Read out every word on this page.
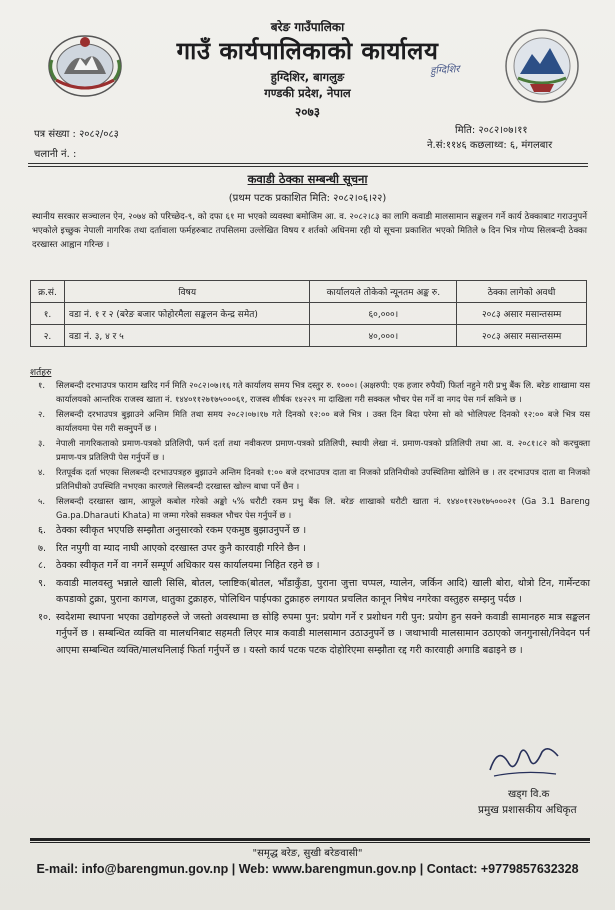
बरेङ गाउँपालिका
गाउँ कार्यपालिकाको कार्यालय
हुग्दिशिर, बागलुङ
गण्डकी प्रदेश, नेपाल
२०७३
हुग्दिशिर
पत्र संख्या : २०८२/०८३
चलानी नं. :
मिति: २०८२।०७।११
ने.सं:११४६ कछलाथ्व: ६, मंगलबार
कवाडी ठेक्का सम्बन्धी सूचना
(प्रथम पटक प्रकाशित मिति: २०८२।०६।२२)
स्थानीय सरकार सञ्चालन ऐन, २०७४ को परिच्छेद-९, को दफा ६१ मा भएको व्यवस्था बमोजिम आ. व. २०८२।८३ का लागि कवाडी मालसामान सङ्कलन गर्ने कार्य ठेक्काबाट गराउनुपर्ने भएकोले इच्छुक नेपाली नागरिक तथा दर्तावाला फर्महरुबाट तपसिलमा उल्लेखित विषय र शर्तको अधिनमा रही यो सूचना प्रकाशित भएको मितिले ७ दिन भित्र गोप्य सिलबन्दी ठेक्का दरखास्त आह्वान गरिन्छ ।
क्र.सं.	विषय	कार्यालयले तोकेको न्यूनतम अङ्क रु.	ठेक्का लागेको अवधी
१.	वडा नं. १ र २ (बरेङ बजार फोहोरमैला सङ्कलन केन्द्र समेत)	६०,०००।	२०८३ असार मसान्तसम्म
२.	वडा नं. ३, ४ र ५	४०,०००।	२०८३ असार मसान्तसम्म
शर्तहरु
१. सिलबन्दी दरभाउपत्र फाराम खरिद गर्न मिति २०८२।०७।१६ गते कार्यालय समय भित्र दस्तुर रु. १०००। (अक्षरुपी: एक हजार रुपैयाँ) फिर्ता नहुने गरी प्रभु बैंक लि. बरेङ शाखामा यस कार्यालयको आन्तरिक राजस्व खाता नं. १४४०११२७१७५०००६१, राजस्व शीर्षक १४२२९ मा दाखिला गरी सक्कल भौचर पेस गर्ने वा नगद पेस गर्न सकिने छ ।
२. सिलबन्दी दरभाउपत्र बुझाउने अन्तिम मिति तथा समय २०८२।०७।१७ गते दिनको १२:०० बजे भित्र । उक्त दिन बिदा परेमा सो को भोलिपल्ट दिनको १२:०० बजे भित्र यस कार्यालयमा पेस गरी सक्नुपर्ने छ ।
३. नेपाली नागरिकताको प्रमाण-पत्रको प्रतिलिपी, फर्म दर्ता तथा नवीकरण प्रमाण-पत्रको प्रतिलिपी, स्थायी लेखा नं. प्रमाण-पत्रको प्रतिलिपी तथा आ. व. २०८१।८२ को करचुक्ता प्रमाण-पत्र प्रतिलिपी पेस गर्नुपर्ने छ ।
४. रितपूर्वक दर्ता भएका सिलबन्दी दरभाउपत्रहरु बुझाउने अन्तिम दिनको १:०० बजे दरभाउपत्र दाता वा निजको प्रतिनिधीको उपस्थितिमा खोलिने छ । तर दरभाउपत्र दाता वा निजको प्रतिनिधीको उपस्थिति नभएका कारणले सिलबन्दी दरखास्त खोल्न बाधा पर्ने छैन ।
५. सिलबन्दी दरखास्त खाम, आफूले कबोल गरेको अङ्को ५% धरौटी रकम प्रभु बैंक लि. बरेङ शाखाको धरौटी खाता नं. १४४०११२७१७५०००२१ (Ga 3.1 Bareng Ga.pa.Dharauti Khata) मा जम्मा गरेको सक्कल भौचर पेस गर्नुपर्ने छ ।
६. ठेक्का स्वीकृत भएपछि सम्झौता अनुसारको रकम एकमुष्ठ बुझाउनुपर्ने छ ।
७. रित नपुगी वा म्याद नाघी आएको दरखास्त उपर कुनै कारवाही गरिने छैन ।
८. ठेक्का स्वीकृत गर्ने वा नगर्ने सम्पूर्ण अधिकार यस कार्यालयमा निहित रहने छ ।
९. कवाडी मालवस्तु भन्नाले खाली सिसि, बोतल, प्लाष्टिक(बोतल, भाँडाकुँडा, पुराना जुत्ता चप्पल, ग्यालेन, जर्किन आदि) खाली बोरा, थोत्रो टिन, गार्मेन्टका कपडाको टुक्रा, पुराना कागज, धातुका टुक्राहरु, पोलिथिन पाईपका टुक्राहरु लगायत प्रचलित कानून निषेध नगरेका वस्तुहरु सम्झनु पर्दछ ।
१०. स्वदेशमा स्थापना भएका उद्योगहरुले जे जस्तो अवस्थामा छ सोहि रुपमा पुन: प्रयोग गर्ने र प्रशोधन गरी पुन: प्रयोग हुन सक्ने कवाडी सामानहरु मात्र सङ्कलन गर्नुपर्ने छ । सम्बन्धित व्यक्ति वा मालधनिबाट सहमती लिएर मात्र कवाडी मालसामान उठाउनुपर्ने छ । जथाभावी मालसामान उठाएको जनगुनासो/निवेदन पर्न आएमा सम्बन्धित व्यक्ति/मालधनिलाई फिर्ता गर्नुपर्ने छ । यस्तो कार्य पटक पटक दोहोरिएमा सम्झौता रद्द गरी कारवाही अगाडि बढाइने छ ।
खड्ग वि.क
प्रमुख प्रशासकीय अधिकृत
"समृद्ध बरेङ, सुखी बरेङवासी"
E-mail: info@barengmun.gov.np | Web: www.barengmun.gov.np | Contact: +9779857632328
